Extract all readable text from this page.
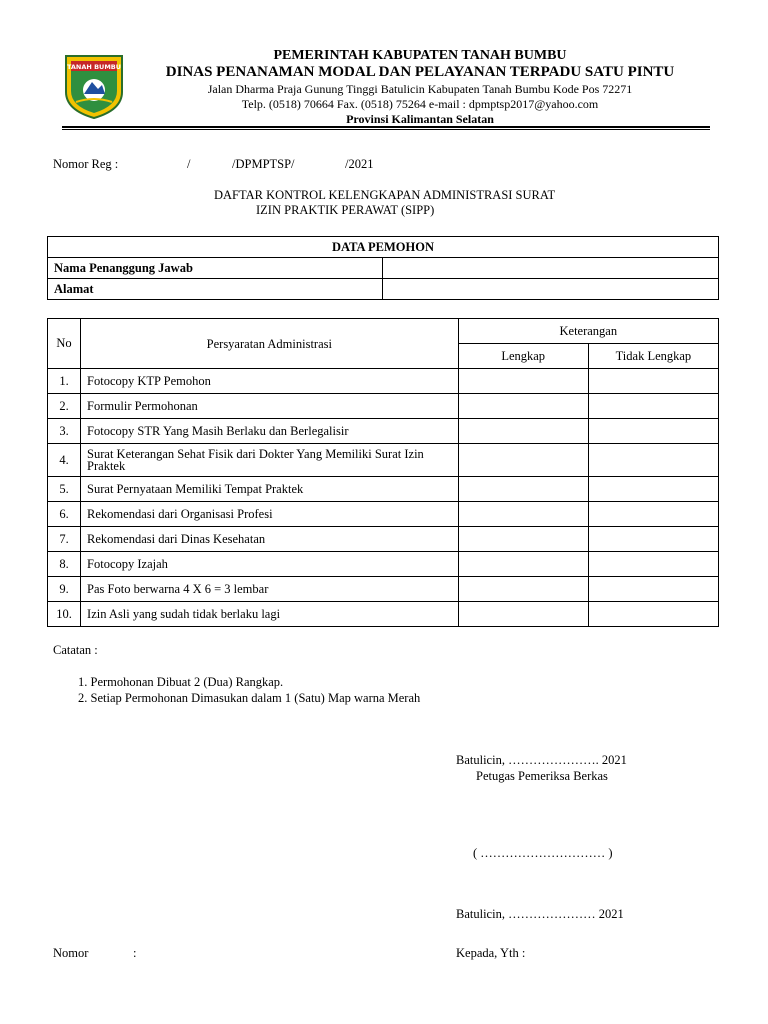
TANAH BUMBU
PEMERINTAH KABUPATEN TANAH BUMBU
DINAS PENANAMAN MODAL DAN PELAYANAN TERPADU SATU PINTU
Jalan Dharma Praja Gunung Tinggi Batulicin Kabupaten Tanah Bumbu Kode Pos 72271
Telp. (0518) 70664 Fax. (0518) 75264 e-mail : dpmptsp2017@yahoo.com
Provinsi Kalimantan Selatan
Nomor Reg :	/	/DPMPTSP/	/2021
DAFTAR KONTROL KELENGKAPAN ADMINISTRASI SURAT
IZIN PRAKTIK PERAWAT (SIPP)
DATA PEMOHON	
Nama Penanggung Jawab	
Alamat	
No	Persyaratan Administrasi	Keterangan	
		Lengkap	Tidak Lengkap
1.	Fotocopy KTP Pemohon		
2.	Formulir Permohonan		
3.	Fotocopy STR Yang Masih Berlaku dan Berlegalisir		
4.	Surat Keterangan Sehat Fisik dari Dokter Yang Memiliki Surat Izin Praktek		
5.	Surat Pernyataan Memiliki Tempat Praktek		
6.	Rekomendasi dari Organisasi Profesi		
7.	Rekomendasi dari Dinas Kesehatan		
8.	Fotocopy Izajah		
9.	Pas Foto berwarna 4 X 6 = 3 lembar		
10.	Izin Asli yang sudah tidak berlaku lagi		
Catatan :
1. Permohonan Dibuat 2 (Dua) Rangkap.
2. Setiap Permohonan Dimasukan dalam 1 (Satu) Map warna Merah
Batulicin, …………………. 2021
Petugas Pemeriksa Berkas
( ………………………… )
Batulicin, ………………… 2021
Nomor	:	Kepada, Yth :
